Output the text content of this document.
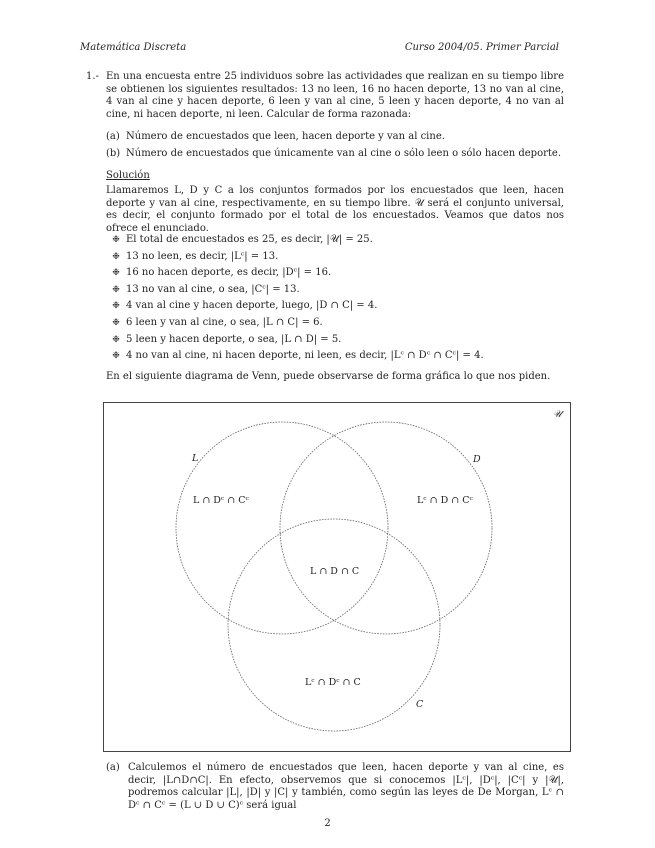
Matemática Discreta	Curso 2004/05. Primer Parcial
1.- En una encuesta entre 25 individuos sobre las actividades que realizan en su tiempo libre se obtienen los siguientes resultados: 13 no leen, 16 no hacen deporte, 13 no van al cine, 4 van al cine y hacen deporte, 6 leen y van al cine, 5 leen y hacen deporte, 4 no van al cine, ni hacen deporte, ni leen. Calcular de forma razonada:
(a) Número de encuestados que leen, hacen deporte y van al cine.
(b) Número de encuestados que únicamente van al cine o sólo leen o sólo hacen deporte.
Solución
Llamaremos L, D y C a los conjuntos formados por los encuestados que leen, hacen deporte y van al cine, respectivamente, en su tiempo libre. 𝒰 será el conjunto universal, es decir, el conjunto formado por el total de los encuestados. Veamos que datos nos ofrece el enunciado.
❉ El total de encuestados es 25, es decir, |𝒰| = 25.
❉ 13 no leen, es decir, |Lᶜ| = 13.
❉ 16 no hacen deporte, es decir, |Dᶜ| = 16.
❉ 13 no van al cine, o sea, |Cᶜ| = 13.
❉ 4 van al cine y hacen deporte, luego, |D ∩ C| = 4.
❉ 6 leen y van al cine, o sea, |L ∩ C| = 6.
❉ 5 leen y hacen deporte, o sea, |L ∩ D| = 5.
❉ 4 no van al cine, ni hacen deporte, ni leen, es decir, |Lᶜ ∩ Dᶜ ∩ Cᶜ| = 4.
En el siguiente diagrama de Venn, puede observarse de forma gráfica lo que nos piden.
𝒰
L	D
C
L ∩ Dᶜ ∩ Cᶜ	Lᶜ ∩ D ∩ Cᶜ
L ∩ D ∩ C
Lᶜ ∩ Dᶜ ∩ C
(a) Calculemos el número de encuestados que leen, hacen deporte y van al cine, es decir, |L∩D∩C|. En efecto, observemos que si conocemos |Lᶜ|, |Dᶜ|, |Cᶜ| y |𝒰|, podremos calcular |L|, |D| y |C| y también, como según las leyes de De Morgan, Lᶜ ∩ Dᶜ ∩ Cᶜ = (L ∪ D ∪ C)ᶜ será igual
2
